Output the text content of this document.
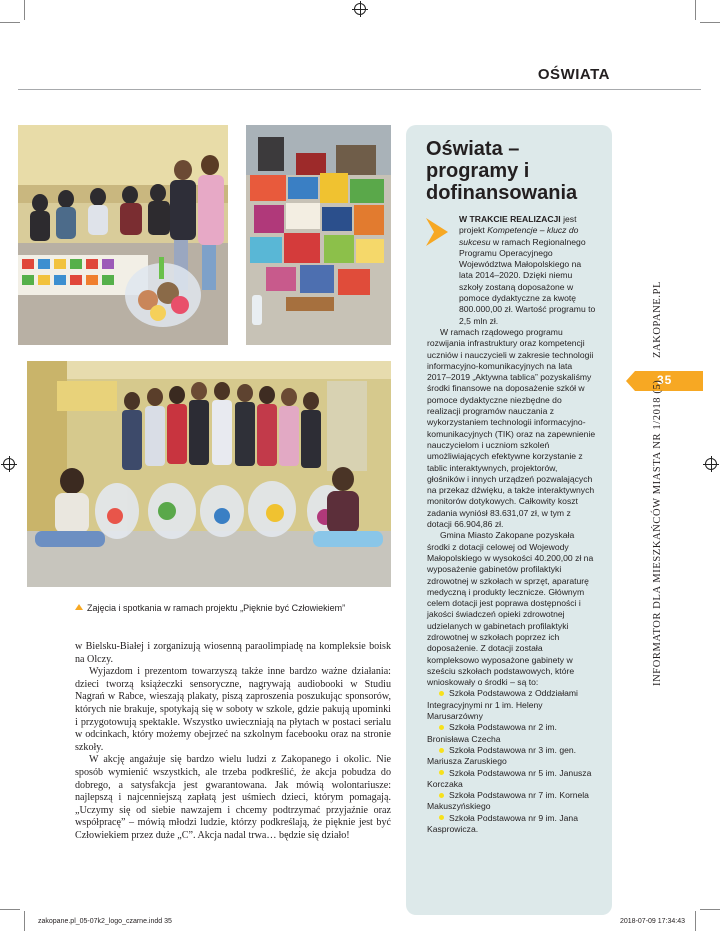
OŚWIATA
Zajęcia i spotkania w ramach projektu „Pięknie być Człowiekiem”

w Bielsku-Białej i zorganizują wiosenną paraolimpiadę na kompleksie boisk na Olczy.

Wyjazdom i prezentom towarzyszą także inne bardzo ważne działania: dzieci tworzą książeczki sensoryczne, nagrywają audiobooki w Studiu Nagrań w Rabce, wieszają plakaty, piszą zaproszenia poszukując sponsorów, których nie brakuje, spotykają się w soboty w szkole, gdzie pakują upominki i przygotowują spektakle. Wszystko uwieczniają na płytach w postaci serialu w odcinkach, który możemy obejrzeć na szkolnym facebooku oraz na stronie szkoły.

W akcję angażuje się bardzo wielu ludzi z Zakopanego i okolic. Nie sposób wymienić wszystkich, ale trzeba podkreślić, że akcja pobudza do dobrego, a satysfakcja jest gwarantowana. Jak mówią wolontariusze: najlepszą i najcenniejszą zapłatą jest uśmiech dzieci, którym pomagają. „Uczymy się od siebie nawzajem i chcemy podtrzymać przyjaźnie oraz współpracę” – mówią młodzi ludzie, którzy podkreślają, że pięknie jest być Człowiekiem przez duże „C”. Akcja nadal trwa… będzie się działo!

Oświata – programy i dofinansowania

W TRAKCIE REALIZACJI jest projekt Kompetencje – klucz do sukcesu w ramach Regionalnego Programu Operacyjnego Województwa Małopolskiego na lata 2014–2020. Dzięki niemu szkoły zostaną doposażone w pomoce dydaktyczne za kwotę 800.000,00 zł. Wartość programu to 2,5 mln zł.

W ramach rządowego programu rozwijania infrastruktury oraz kompetencji uczniów i nauczycieli w zakresie technologii informacyjno-komunikacyjnych na lata 2017–2019 „Aktywna tablica” pozyskaliśmy środki finansowe na doposażenie szkół w pomoce dydaktyczne niezbędne do realizacji programów nauczania z wykorzystaniem technologii informacyjno-komunikacyjnych (TIK) oraz na zapewnienie nauczycielom i uczniom szkoleń umożliwiających efektywne korzystanie z tablic interaktywnych, projektorów, głośników i innych urządzeń pozwalających na przekaz dźwięku, a także interaktywnych monitorów dotykowych. Całkowity koszt zadania wyniósł 83.631,07 zł, w tym z dotacji 66.904,86 zł.

Gmina Miasto Zakopane pozyskała środki z dotacji celowej od Wojewody Małopolskiego w wysokości 40.200,00 zł na wyposażenie gabinetów profilaktyki zdrowotnej w szkołach w sprzęt, aparaturę medyczną i produkty lecznicze. Głównym celem dotacji jest poprawa dostępności i jakości świadczeń opieki zdrowotnej udzielanych w gabinetach profilaktyki zdrowotnej w szkołach poprzez ich doposażenie. Z dotacji została kompleksowo wyposażone gabinety w sześciu szkołach podstawowych, które wnioskowały o środki – są to:

Szkoła Podstawowa z Oddziałami Integracyjnymi nr 1 im. Heleny Marusarzówny

Szkoła Podstawowa nr 2 im. Bronisława Czecha

Szkoła Podstawowa nr 3 im. gen. Mariusza Zaruskiego

Szkoła Podstawowa nr 5 im. Janusza Korczaka

Szkoła Podstawowa nr 7 im. Kornela Makuszyńskiego

Szkoła Podstawowa nr 9 im. Jana Kasprowicza.

ZAKOPANE.PL
35
INFORMATOR DLA MIESZKAŃCÓW MIASTA NR 1/2018 (5)
zakopane.pl_05-07k2_logo_czarne.indd 35	2018-07-09 17:34:43
